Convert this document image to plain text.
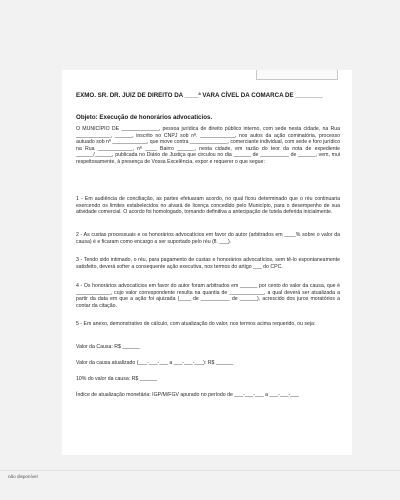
EXMO. SR. DR. JUIZ DE DIREITO DA ____ª VARA CÍVEL DA COMARCA DE ________
Objeto: Execução de honorários advocatícios.

O MUNICÍPIO DE _____________, pessoa jurídica de direito público interno, com sede nesta cidade, na Rua ____________, ______, inscrito no CNPJ sob nº. ____________, nos autos da ação cominatória, processo autuado sob nº ____________, que move contra _____________, comerciante individual, com sede e foro jurídico na Rua ____________, nº ____ Bairro ______, nesta cidade, em razão do teor da nota de expediente ______/______, publicada no Diário de Justiça que circulou no dia ______ de __________ de ______, vem, mui respeitosamente, à presença de Vossa Excelência, expor e requerer o que segue:

1 - Em audiência de conciliação, as partes efetuaram acordo, no qual ficou determinado que o réu continuaria exercendo os limites estabelecidos no alvará de licença concedido pelo Município, para o desempenho de sua atividade comercial. O acordo foi homologado, tornando definitiva a antecipação de tutela deferida inicialmente.

2 - As custas processuais e os honorários advocatícios em favor do autor (arbitrados em ____% sobre o valor da causa) é e ficaram como encargo a ser suportado pelo réu (fl. ___).

3 - Tendo sido intimado, o réu, para pagamento de custas e honorários advocatícios, sem tê-lo espontaneamente satisfeito, deverá sofrer a consequente ação executiva, nos termos do artigo ___ do CPC.

4 - Os honorários advocatícios em favor do autor foram arbitrados em ______ por cento do valor da causa, que é ____________, cujo valor correspondente resulta na quantia de ____________, a qual deverá ser atualizada a partir da data em que a ação foi ajuizada (____ de __________ de ______), acrescido dos juros moratórios a contar da citação.

5 - Em anexo, demonstrativo de cálculo, com atualização do valor, nos termos acima requerido, ou seja:

Valor da Causa: R$ ______

Valor da causa atualizado (___-___-___ a ___-___-___): R$ ______

10% do valor da causa: R$ ______

Índice de atualização monetária: IGP/M/FGV apurado no período de ___-___-___ a ___-___-___

não disponível
